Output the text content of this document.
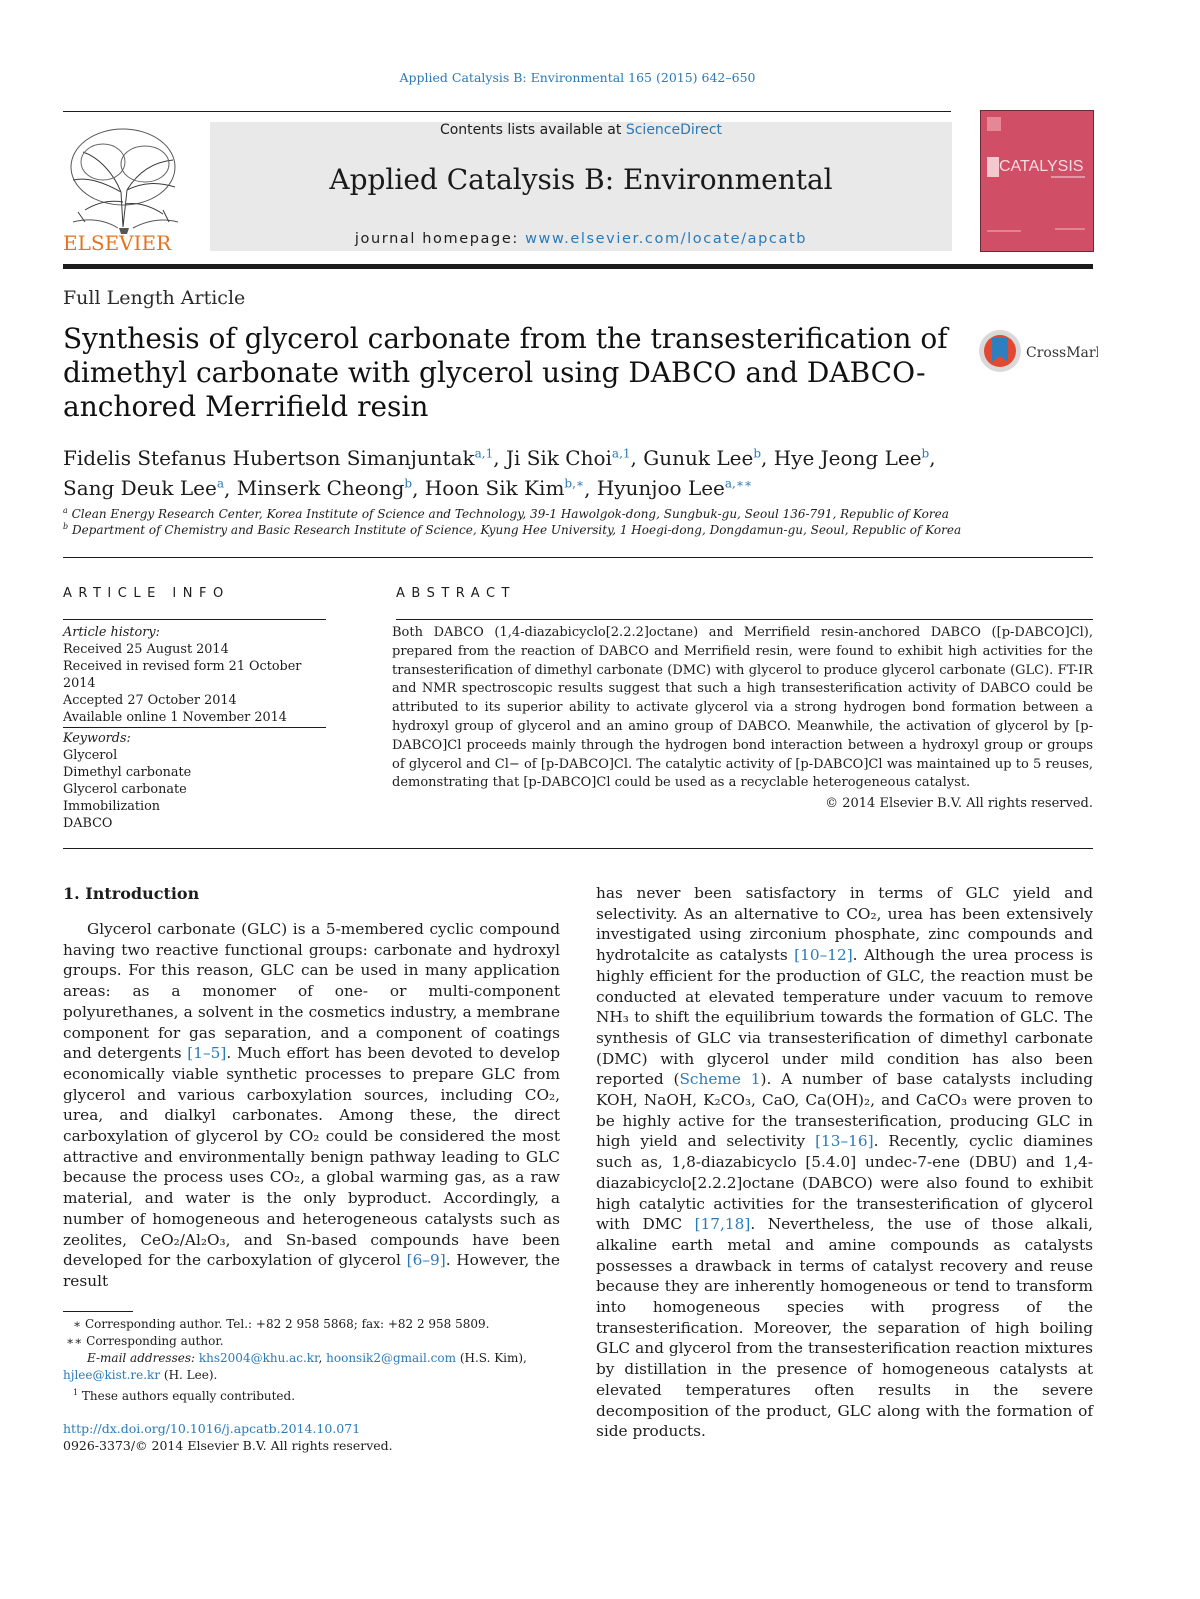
Applied Catalysis B: Environmental 165 (2015) 642–650
ELSEVIER
Contents lists available at ScienceDirect
Applied Catalysis B: Environmental
journal homepage: www.elsevier.com/locate/apcatb
CATALYSIS
Full Length Article
Synthesis of glycerol carbonate from the transesterification of dimethyl carbonate with glycerol using DABCO and DABCO-anchored Merrifield resin
CrossMark
Fidelis Stefanus Hubertson Simanjuntak$^{a,1}$, Ji Sik Choi$^{a,1}$, Gunuk Lee$^b$, Hye Jeong Lee$^b$,
Sang Deuk Lee$^a$, Minserk Cheong$^b$, Hoon Sik Kim$^{b,∗}$, Hyunjoo Lee$^{a,∗∗}$
$^a$ Clean Energy Research Center, Korea Institute of Science and Technology, 39-1 Hawolgok-dong, Sungbuk-gu, Seoul 136-791, Republic of Korea
$^b$ Department of Chemistry and Basic Research Institute of Science, Kyung Hee University, 1 Hoegi-dong, Dongdamun-gu, Seoul, Republic of Korea
ARTICLE INFO	ABSTRACT
Article history:
Received 25 August 2014
Received in revised form 21 October 2014
Accepted 27 October 2014
Available online 1 November 2014
Keywords:
Glycerol
Dimethyl carbonate
Glycerol carbonate
Immobilization
DABCO
Both DABCO (1,4-diazabicyclo[2.2.2]octane) and Merrifield resin-anchored DABCO ([p-DABCO]Cl), prepared from the reaction of DABCO and Merrifield resin, were found to exhibit high activities for the transesterification of dimethyl carbonate (DMC) with glycerol to produce glycerol carbonate (GLC). FT-IR and NMR spectroscopic results suggest that such a high transesterification activity of DABCO could be attributed to its superior ability to activate glycerol via a strong hydrogen bond formation between a hydroxyl group of glycerol and an amino group of DABCO. Meanwhile, the activation of glycerol by [p-DABCO]Cl proceeds mainly through the hydrogen bond interaction between a hydroxyl group or groups of glycerol and Cl− of [p-DABCO]Cl. The catalytic activity of [p-DABCO]Cl was maintained up to 5 reuses, demonstrating that [p-DABCO]Cl could be used as a recyclable heterogeneous catalyst.
© 2014 Elsevier B.V. All rights reserved.
1. Introduction
Glycerol carbonate (GLC) is a 5-membered cyclic compound having two reactive functional groups: carbonate and hydroxyl groups. For this reason, GLC can be used in many application areas: as a monomer of one- or multi-component polyurethanes, a solvent in the cosmetics industry, a membrane component for gas separation, and a component of coatings and detergents [1–5]. Much effort has been devoted to develop economically viable synthetic processes to prepare GLC from glycerol and various carboxylation sources, including CO₂, urea, and dialkyl carbonates. Among these, the direct carboxylation of glycerol by CO₂ could be considered the most attractive and environmentally benign pathway leading to GLC because the process uses CO₂, a global warming gas, as a raw material, and water is the only byproduct. Accordingly, a number of homogeneous and heterogeneous catalysts such as zeolites, CeO₂/Al₂O₃, and Sn-based compounds have been developed for the carboxylation of glycerol [6–9]. However, the result
has never been satisfactory in terms of GLC yield and selectivity. As an alternative to CO₂, urea has been extensively investigated using zirconium phosphate, zinc compounds and hydrotalcite as catalysts [10–12]. Although the urea process is highly efficient for the production of GLC, the reaction must be conducted at elevated temperature under vacuum to remove NH₃ to shift the equilibrium towards the formation of GLC. The synthesis of GLC via transesterification of dimethyl carbonate (DMC) with glycerol under mild condition has also been reported (Scheme 1). A number of base catalysts including KOH, NaOH, K₂CO₃, CaO, Ca(OH)₂, and CaCO₃ were proven to be highly active for the transesterification, producing GLC in high yield and selectivity [13–16]. Recently, cyclic diamines such as, 1,8-diazabicyclo [5.4.0] undec-7-ene (DBU) and 1,4-diazabicyclo[2.2.2]octane (DABCO) were also found to exhibit high catalytic activities for the transesterification of glycerol with DMC [17,18]. Nevertheless, the use of those alkali, alkaline earth metal and amine compounds as catalysts possesses a drawback in terms of catalyst recovery and reuse because they are inherently homogeneous or tend to transform into homogeneous species with progress of the transesterification. Moreover, the separation of high boiling GLC and glycerol from the transesterification reaction mixtures by distillation in the presence of homogeneous catalysts at elevated temperatures often results in the severe decomposition of the product, GLC along with the formation of side products.
∗ Corresponding author. Tel.: +82 2 958 5868; fax: +82 2 958 5809.
∗∗ Corresponding author.
E-mail addresses: khs2004@khu.ac.kr, hoonsik2@gmail.com (H.S. Kim),
hjlee@kist.re.kr (H. Lee).
$^1$ These authors equally contributed.
http://dx.doi.org/10.1016/j.apcatb.2014.10.071
0926-3373/© 2014 Elsevier B.V. All rights reserved.
